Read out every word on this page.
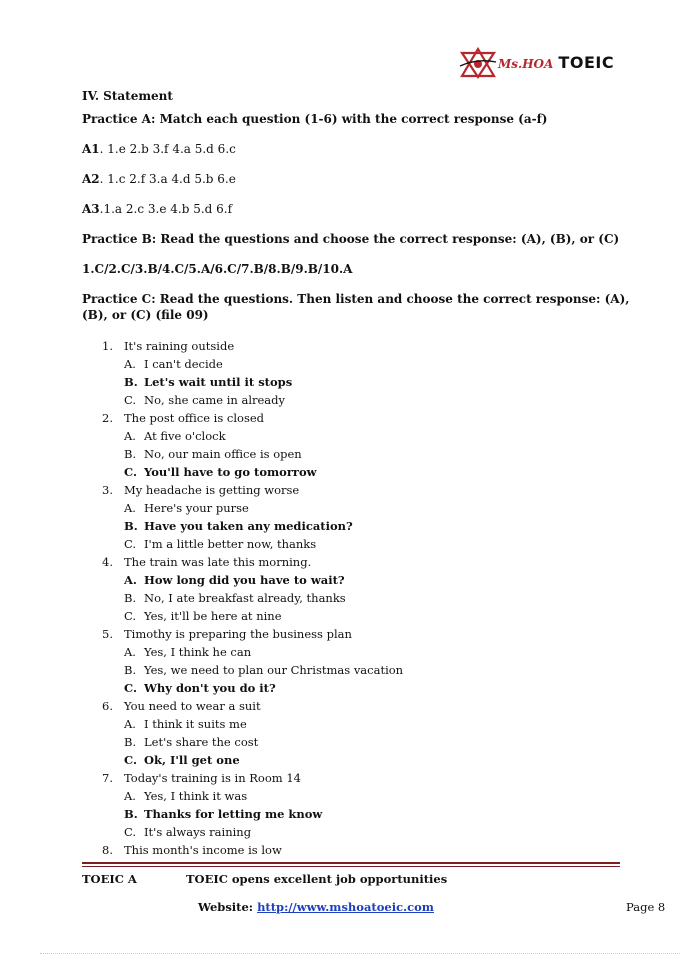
Ms.HOA TOEIC

IV. Statement

Practice A: Match each question (1-6) with the correct response (a-f)

A1. 1.e 2.b 3.f 4.a 5.d 6.c

A2. 1.c 2.f 3.a 4.d 5.b 6.e

A3.1.a 2.c 3.e 4.b 5.d 6.f

Practice B: Read the questions and choose the correct response: (A), (B), or (C)

1.C/2.C/3.B/4.C/5.A/6.C/7.B/8.B/9.B/10.A

Practice C: Read the questions. Then listen and choose the correct response: (A), (B), or (C) (file 09)

1. It's raining outside
A. I can't decide
B. Let's wait until it stops
C. No, she came in already
2. The post office is closed
A. At five o'clock
B. No, our main office is open
C. You'll have to go tomorrow
3. My headache is getting worse
A. Here's your purse
B. Have you taken any medication?
C. I'm a little better now, thanks
4. The train was late this morning.
A. How long did you have to wait?
B. No, I ate breakfast already, thanks
C. Yes, it'll be here at nine
5. Timothy is preparing the business plan
A. Yes, I think he can
B. Yes, we need to plan our Christmas vacation
C. Why don't you do it?
6. You need to wear a suit
A. I think it suits me
B. Let's share the cost
C. Ok, I'll get one
7. Today's training is in Room 14
A. Yes, I think it was
B. Thanks for letting me know
C. It's always raining
8. This month's income is low
TOEIC A	TOEIC opens excellent job opportunities
Website: http://www.mshoatoeic.com	Page 8
